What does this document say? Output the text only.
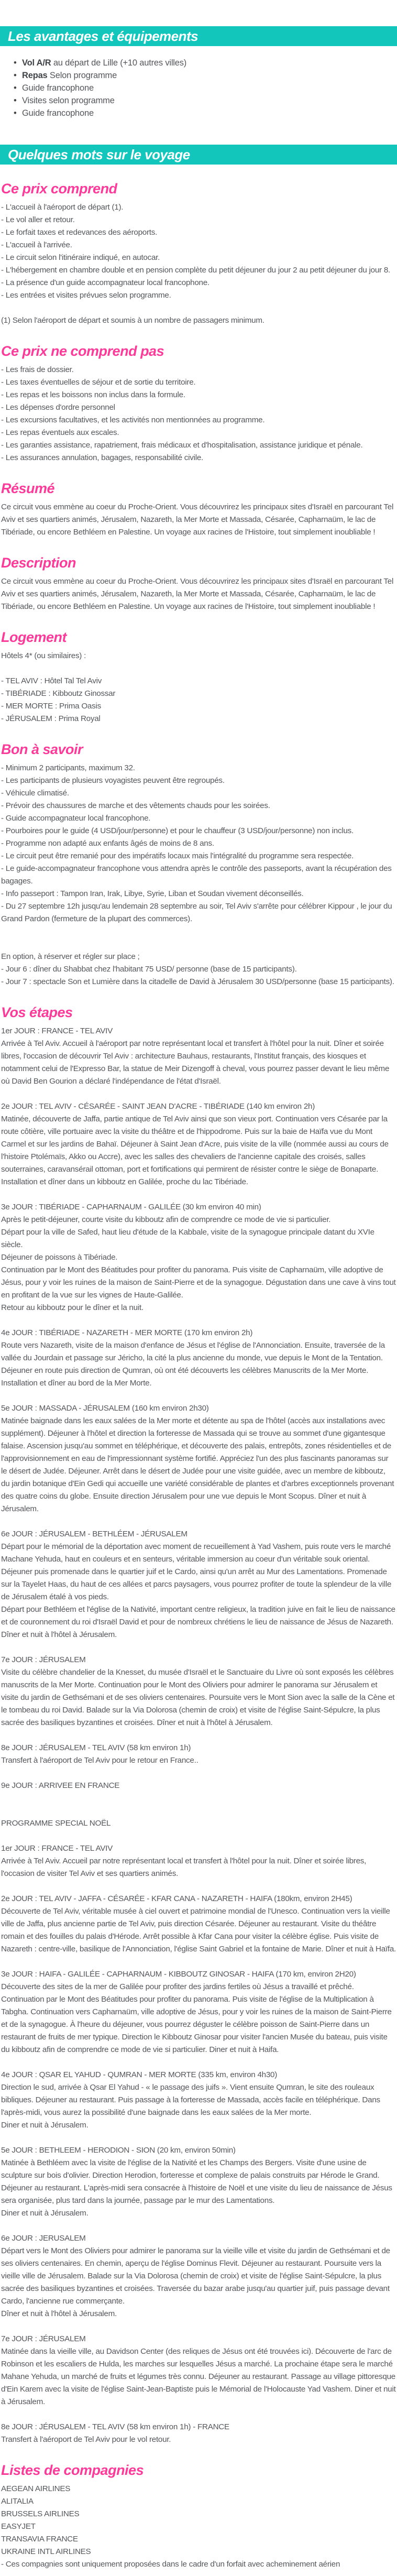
Les avantages et équipements
• Vol A/R au départ de Lille (+10 autres villes)
• Repas Selon programme
• Guide francophone
• Visites selon programme
• Guide francophone
Quelques mots sur le voyage
Ce prix comprend

- L'accueil à l'aéroport de départ (1).

- Le vol aller et retour.

- Le forfait taxes et redevances des aéroports.

- L'accueil à l'arrivée.

- Le circuit selon l'itinéraire indiqué, en autocar.

- L'hébergement en chambre double et en pension complète du petit déjeuner du jour 2 au petit déjeuner du jour 8.

- La présence d'un guide accompagnateur local francophone.

- Les entrées et visites prévues selon programme.

(1) Selon l'aéroport de départ et soumis à un nombre de passagers minimum.

Ce prix ne comprend pas

- Les frais de dossier.

- Les taxes éventuelles de séjour et de sortie du territoire.

- Les repas et les boissons non inclus dans la formule.

- Les dépenses d'ordre personnel

- Les excursions facultatives, et les activités non mentionnées au programme.

- Les repas éventuels aux escales.

- Les garanties assistance, rapatriement, frais médicaux et d'hospitalisation, assistance juridique et pénale.

- Les assurances annulation, bagages, responsabilité civile.

Résumé

Ce circuit vous emmène au coeur du Proche-Orient. Vous découvrirez les principaux sites d'Israël en parcourant Tel Aviv et ses quartiers animés, Jérusalem, Nazareth, la Mer Morte et Massada, Césarée, Capharnaüm, le lac de Tibériade, ou encore Bethléem en Palestine. Un voyage aux racines de l'Histoire, tout simplement inoubliable !

Description

Ce circuit vous emmène au coeur du Proche-Orient. Vous découvrirez les principaux sites d'Israël en parcourant Tel Aviv et ses quartiers animés, Jérusalem, Nazareth, la Mer Morte et Massada, Césarée, Capharnaüm, le lac de Tibériade, ou encore Bethléem en Palestine. Un voyage aux racines de l'Histoire, tout simplement inoubliable !

Logement

Hôtels 4* (ou similaires) :

- TEL AVIV : Hôtel Tal Tel Aviv

- TIBÉRIADE : Kibboutz Ginossar

- MER MORTE : Prima Oasis

- JÉRUSALEM : Prima Royal

Bon à savoir

- Minimum 2 participants, maximum 32.

- Les participants de plusieurs voyagistes peuvent être regroupés.

- Véhicule climatisé.

- Prévoir des chaussures de marche et des vêtements chauds pour les soirées.

- Guide accompagnateur local francophone.

- Pourboires pour le guide (4 USD/jour/personne) et pour le chauffeur (3 USD/jour/personne) non inclus.

- Programme non adapté aux enfants âgés de moins de 8 ans.

- Le circuit peut être remanié pour des impératifs locaux mais l'intégralité du programme sera respectée.

- Le guide-accompagnateur francophone vous attendra après le contrôle des passeports, avant la récupération des bagages.

- Info passeport : Tampon Iran, Irak, Libye, Syrie, Liban et Soudan vivement déconseillés.

- Du 27 septembre 12h jusqu'au lendemain 28 septembre au soir, Tel Aviv s'arrête pour célébrer Kippour , le jour du Grand Pardon (fermeture de la plupart des commerces).

En option, à réserver et régler sur place ;

- Jour 6 : dîner du Shabbat chez l'habitant 75 USD/ personne (base de 15 participants).

- Jour 7 : spectacle Son et Lumière dans la citadelle de David à Jérusalem 30 USD/personne (base 15 participants).

Vos étapes

1er JOUR : FRANCE - TEL AVIV

Arrivée à Tel Aviv. Accueil à l'aéroport par notre représentant local et transfert à l'hôtel pour la nuit. Dîner et soirée libres, l'occasion de découvrir Tel Aviv : architecture Bauhaus, restaurants, l'Institut français, des kiosques et notamment celui de l'Expresso Bar, la statue de Meir Dizengoff à cheval, vous pourrez passer devant le lieu même où David Ben Gourion a déclaré l'indépendance de l'état d'Israël.

2e JOUR : TEL AVIV - CÉSARÉE - SAINT JEAN D'ACRE - TIBÉRIADE (140 km environ 2h)

Matinée, découverte de Jaffa, partie antique de Tel Aviv ainsi que son vieux port. Continuation vers Césarée par la route côtière, ville portuaire avec la visite du théâtre et de l'hippodrome. Puis sur la baie de Haïfa vue du Mont Carmel et sur les jardins de Bahaï. Déjeuner à Saint Jean d'Acre, puis visite de la ville (nommée aussi au cours de l'histoire Ptolémaïs, Akko ou Accre), avec les salles des chevaliers de l'ancienne capitale des croisés, salles souterraines, caravansérail ottoman, port et fortifications qui permirent de résister contre le siège de Bonaparte. Installation et dîner dans un kibboutz en Galilée, proche du lac Tibériade.

3e JOUR : TIBÉRIADE - CAPHARNAUM - GALILÉE (30 km environ 40 min)

Après le petit-déjeuner, courte visite du kibboutz afin de comprendre ce mode de vie si particulier.

Départ pour la ville de Safed, haut lieu d'étude de la Kabbale, visite de la synagogue principale datant du XVIe siècle.

Déjeuner de poissons à Tibériade.

Continuation par le Mont des Béatitudes pour profiter du panorama. Puis visite de Capharnaüm, ville adoptive de Jésus, pour y voir les ruines de la maison de Saint-Pierre et de la synagogue. Dégustation dans une cave à vins tout en profitant de la vue sur les vignes de Haute-Galilée.

Retour au kibboutz pour le dîner et la nuit.

4e JOUR : TIBÉRIADE - NAZARETH - MER MORTE (170 km environ 2h)

Route vers Nazareth, visite de la maison d'enfance de Jésus et l'église de l'Annonciation. Ensuite, traversée de la vallée du Jourdain et passage sur Jéricho, la cité la plus ancienne du monde, vue depuis le Mont de la Tentation. Déjeuner en route puis direction de Qumran, où ont été découverts les célèbres Manuscrits de la Mer Morte. Installation et dîner au bord de la Mer Morte.

5e JOUR : MASSADA - JÉRUSALEM (160 km environ 2h30)

Matinée baignade dans les eaux salées de la Mer morte et détente au spa de l'hôtel (accès aux installations avec supplément). Déjeuner à l'hôtel et direction la forteresse de Massada qui se trouve au sommet d'une gigantesque falaise. Ascension jusqu'au sommet en téléphérique, et découverte des palais, entrepôts, zones résidentielles et de l'approvisionnement en eau de l'impressionnant système fortifié. Appréciez l'un des plus fascinants panoramas sur le désert de Judée. Déjeuner. Arrêt dans le désert de Judée pour une visite guidée, avec un membre de kibboutz, du jardin botanique d'Ein Gedi qui accueille une variété considérable de plantes et d'arbres exceptionnels provenant des quatre coins du globe. Ensuite direction Jérusalem pour une vue depuis le Mont Scopus. Dîner et nuit à Jérusalem.

6e JOUR : JÉRUSALEM - BETHLÉEM - JÉRUSALEM

Départ pour le mémorial de la déportation avec moment de recueillement à Yad Vashem, puis route vers le marché Machane Yehuda, haut en couleurs et en senteurs, véritable immersion au coeur d'un véritable souk oriental. Déjeuner puis promenade dans le quartier juif et le Cardo, ainsi qu'un arrêt au Mur des Lamentations. Promenade sur la Tayelet Haas, du haut de ces allées et parcs paysagers, vous pourrez profiter de toute la splendeur de la ville de Jérusalem étalé à vos pieds.

Départ pour Bethléem et l'église de la Nativité, important centre religieux, la tradition juive en fait le lieu de naissance et de couronnement du roi d'Israël David et pour de nombreux chrétiens le lieu de naissance de Jésus de Nazareth. Dîner et nuit à l'hôtel à Jérusalem.

7e JOUR : JÉRUSALEM

Visite du célèbre chandelier de la Knesset, du musée d'Israël et le Sanctuaire du Livre où sont exposés les célèbres manuscrits de la Mer Morte. Continuation pour le Mont des Oliviers pour admirer le panorama sur Jérusalem et visite du jardin de Gethsémani et de ses oliviers centenaires. Poursuite vers le Mont Sion avec la salle de la Cène et le tombeau du roi David. Balade sur la Via Dolorosa (chemin de croix) et visite de l'église Saint-Sépulcre, la plus sacrée des basiliques byzantines et croisées. Dîner et nuit à l'hôtel à Jérusalem.

8e JOUR : JÉRUSALEM - TEL AVIV (58 km environ 1h)

Transfert à l'aéroport de Tel Aviv pour le retour en France..

9e JOUR : ARRIVEE EN FRANCE

PROGRAMME SPECIAL NOËL

1er JOUR : FRANCE - TEL AVIV

Arrivée à Tel Aviv. Accueil par notre représentant local et transfert à l'hôtel pour la nuit. Dîner et soirée libres, l'occasion de visiter Tel Aviv et ses quartiers animés.

2e JOUR : TEL AVIV - JAFFA - CÉSARÉE - KFAR CANA - NAZARETH - HAIFA (180km, environ 2H45)

Découverte de Tel Aviv, véritable musée à ciel ouvert et patrimoine mondial de l'Unesco. Continuation vers la vieille ville de Jaffa, plus ancienne partie de Tel Aviv, puis direction Césarée. Déjeuner au restaurant. Visite du théâtre romain et des fouilles du palais d'Hérode. Arrêt possible à Kfar Cana pour visiter la célèbre église. Puis visite de Nazareth : centre-ville, basilique de l'Annonciation, l'église Saint Gabriel et la fontaine de Marie. Dîner et nuit à Haïfa.

3e JOUR : HAIFA - GALILÉE - CAPHARNAUM - KIBBOUTZ GINOSAR - HAIFA (170 km, environ 2H20)

Découverte des sites de la mer de Galilée pour profiter des jardins fertiles où Jésus a travaillé et prêché. Continuation par le Mont des Béatitudes pour profiter du panorama. Puis visite de l'église de la Multiplication à Tabgha. Continuation vers Capharnaüm, ville adoptive de Jésus, pour y voir les ruines de la maison de Saint-Pierre et de la synagogue. À l'heure du déjeuner, vous pourrez déguster le célèbre poisson de Saint-Pierre dans un restaurant de fruits de mer typique. Direction le Kibboutz Ginosar pour visiter l'ancien Musée du bateau, puis visite du kibboutz afin de comprendre ce mode de vie si particulier. Diner et nuit à Haifa.

4e JOUR : QSAR EL YAHUD - QUMRAN - MER MORTE (335 km, environ 4h30)

Direction le sud, arrivée à Qsar El Yahud - « le passage des juifs ». Vient ensuite Qumran, le site des rouleaux bibliques. Déjeuner au restaurant. Puis passage à la forteresse de Massada, accès facile en téléphérique. Dans l'après-midi, vous aurez la possibilité d'une baignade dans les eaux salées de la Mer morte.

Diner et nuit à Jérusalem.

5e JOUR : BETHLEEM - HERODION - SION (20 km, environ 50min)

Matinée à Bethléem avec la visite de l'église de la Nativité et les Champs des Bergers. Visite d'une usine de sculpture sur bois d'olivier. Direction Herodion, forteresse et complexe de palais construits par Hérode le Grand. Déjeuner au restaurant. L'après-midi sera consacrée à l'histoire de Noël et une visite du lieu de naissance de Jésus sera organisée, plus tard dans la journée, passage par le mur des Lamentations.

Diner et nuit à Jérusalem.

6e JOUR : JERUSALEM

Départ vers le Mont des Oliviers pour admirer le panorama sur la vieille ville et visite du jardin de Gethsémani et de ses oliviers centenaires. En chemin, aperçu de l'église Dominus Flevit. Déjeuner au restaurant. Poursuite vers la vieille ville de Jérusalem. Balade sur la Via Dolorosa (chemin de croix) et visite de l'église Saint-Sépulcre, la plus sacrée des basiliques byzantines et croisées. Traversée du bazar arabe jusqu'au quartier juif, puis passage devant Cardo, l'ancienne rue commerçante.

Dîner et nuit à l'hôtel à Jérusalem.

7e JOUR : JÉRUSALEM

Matinée dans la vieille ville, au Davidson Center (des reliques de Jésus ont été trouvées ici). Découverte de l'arc de Robinson et les escaliers de Hulda, les marches sur lesquelles Jésus a marché. La prochaine étape sera le marché Mahane Yehuda, un marché de fruits et légumes très connu. Déjeuner au restaurant. Passage au village pittoresque d'Ein Karem avec la visite de l'église Saint-Jean-Baptiste puis le Mémorial de l'Holocauste Yad Vashem. Diner et nuit à Jérusalem.

8e JOUR : JÉRUSALEM - TEL AVIV (58 km environ 1h) - FRANCE

Transfert à l'aéroport de Tel Aviv pour le vol retour.

Listes de compagnies

AEGEAN AIRLINES

ALITALIA

BRUSSELS AIRLINES

EASYJET

TRANSAVIA FRANCE

UKRAINE INTL AIRLINES

- Ces compagnies sont uniquement proposées dans le cadre d'un forfait avec acheminement aérien
